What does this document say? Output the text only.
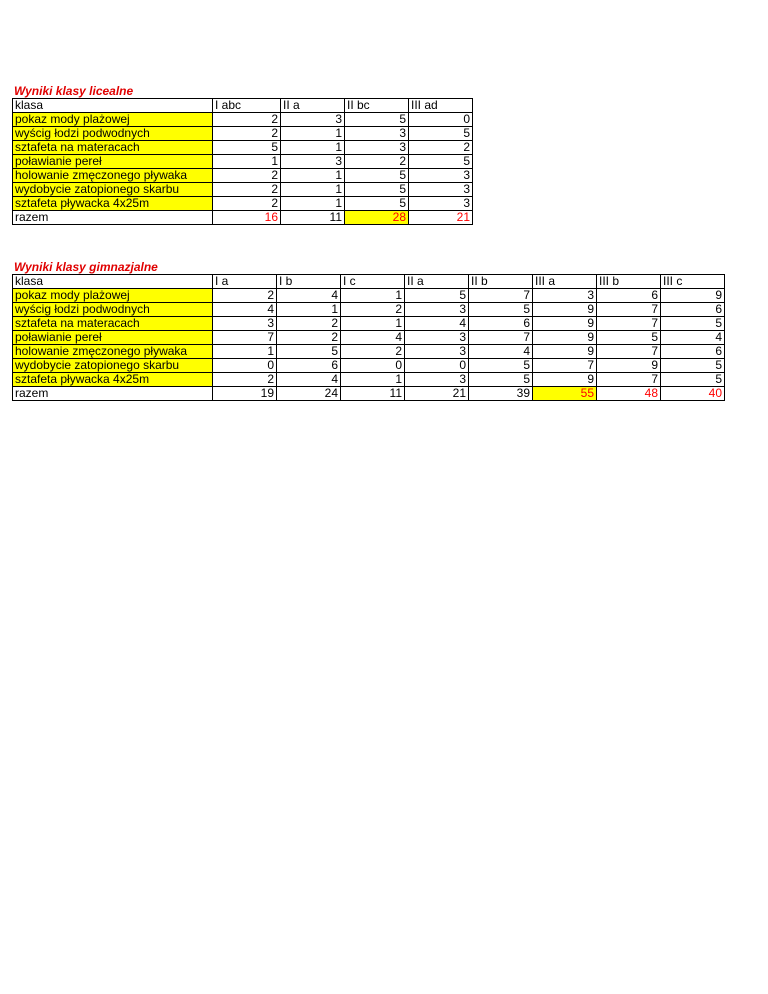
Wyniki klasy licealne
klasa	I abc	II a	II bc	III ad
pokaz mody plażowej	2	3	5	0
wyścig łodzi podwodnych	2	1	3	5
sztafeta na materacach	5	1	3	2
poławianie pereł	1	3	2	5
holowanie zmęczonego pływaka	2	1	5	3
wydobycie zatopionego skarbu	2	1	5	3
sztafeta pływacka 4x25m	2	1	5	3
razem	16	11	28	21
Wyniki klasy gimnazjalne
klasa	I a	I b	I c	II a	II b	III a	III b	III c
pokaz mody plażowej	2	4	1	5	7	3	6	9
wyścig łodzi podwodnych	4	1	2	3	5	9	7	6
sztafeta na materacach	3	2	1	4	6	9	7	5
poławianie pereł	7	2	4	3	7	9	5	4
holowanie zmęczonego pływaka	1	5	2	3	4	9	7	6
wydobycie zatopionego skarbu	0	6	0	0	5	7	9	5
sztafeta pływacka 4x25m	2	4	1	3	5	9	7	5
razem	19	24	11	21	39	55	48	40
